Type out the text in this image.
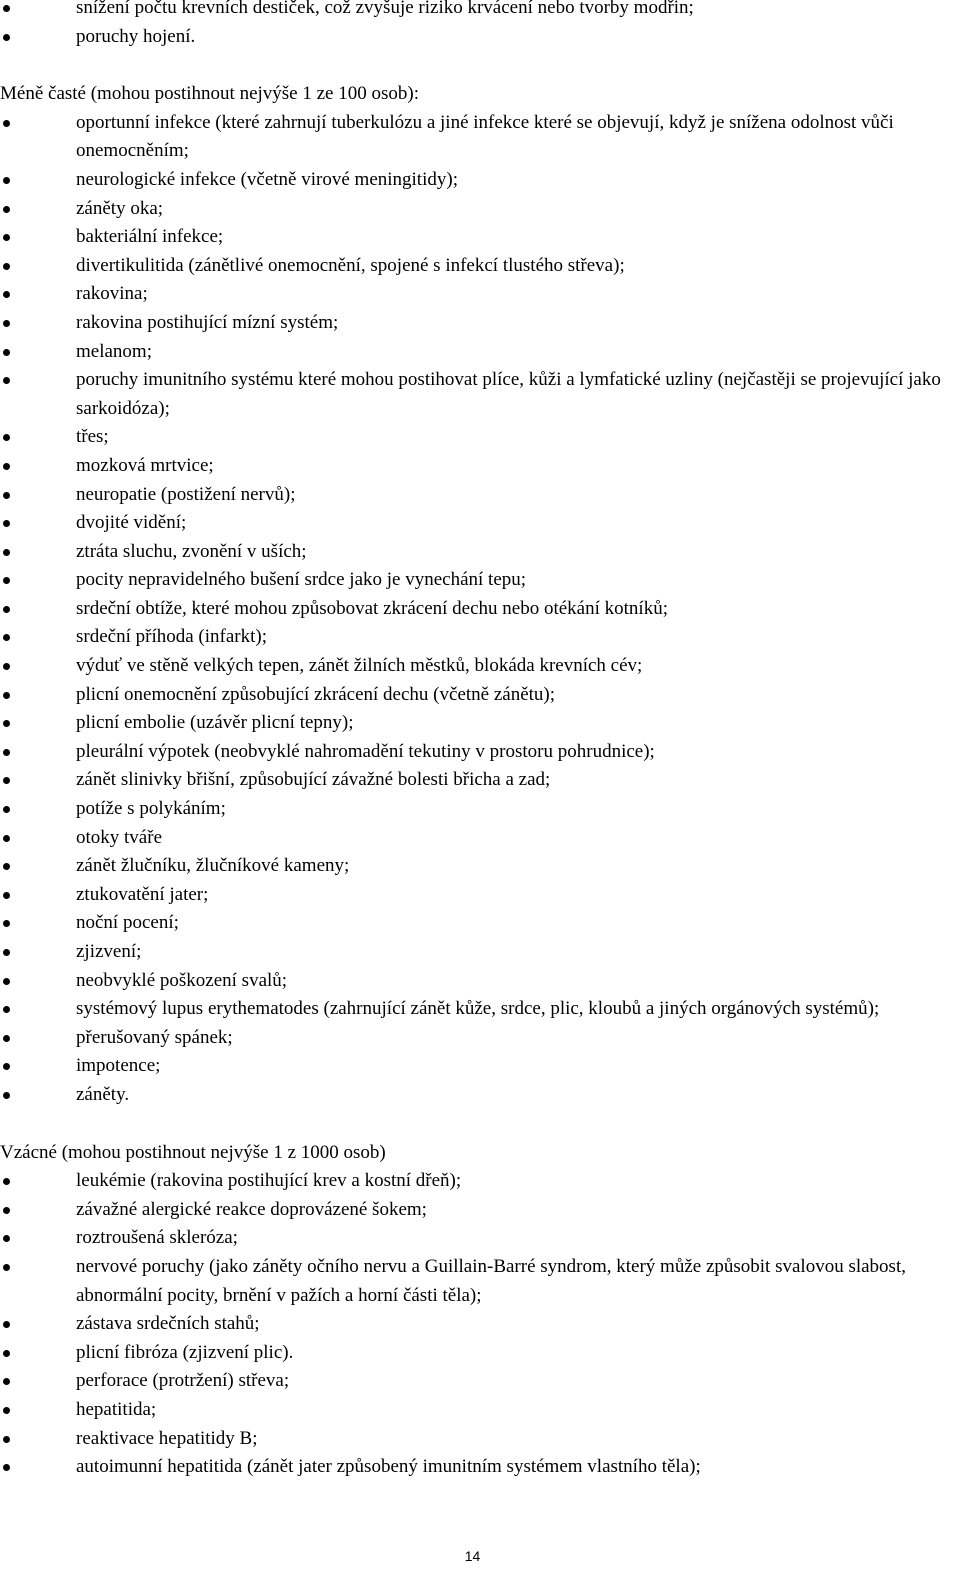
snížení počtu krevních destiček, což zvyšuje riziko krvácení nebo tvorby modřin;
poruchy hojení.
Méně časté (mohou postihnout nejvýše 1 ze 100 osob):
oportunní infekce (které zahrnují tuberkulózu a jiné infekce které se objevují, když je snížena odolnost vůči onemocněním;
neurologické infekce (včetně virové meningitidy);
záněty oka;
bakteriální infekce;
divertikulitida (zánětlivé onemocnění, spojené s infekcí tlustého střeva);
rakovina;
rakovina postihující mízní systém;
melanom;
poruchy imunitního systému které mohou postihovat plíce, kůži a lymfatické uzliny (nejčastěji se projevující jako sarkoidóza);
třes;
mozková mrtvice;
neuropatie (postižení nervů);
dvojité vidění;
ztráta sluchu, zvonění v uších;
pocity nepravidelného bušení srdce jako je vynechání tepu;
srdeční obtíže, které mohou způsobovat zkrácení dechu nebo otékání kotníků;
srdeční příhoda (infarkt);
výduť ve stěně velkých tepen, zánět žilních městků, blokáda krevních cév;
plicní onemocnění způsobující zkrácení dechu (včetně zánětu);
plicní embolie (uzávěr plicní tepny);
pleurální výpotek (neobvyklé nahromadění tekutiny v prostoru pohrudnice);
zánět slinivky břišní, způsobující závažné bolesti břicha a zad;
potíže s polykáním;
otoky tváře
zánět žlučníku, žlučníkové kameny;
ztukovatění jater;
noční pocení;
zjizvení;
neobvyklé poškození svalů;
systémový lupus erythematodes (zahrnující zánět kůže, srdce, plic, kloubů a jiných orgánových systémů);
přerušovaný spánek;
impotence;
záněty.
Vzácné (mohou postihnout nejvýše 1 z 1000 osob)
leukémie (rakovina postihující krev a kostní dřeň);
závažné alergické reakce doprovázené šokem;
roztroušená skleróza;
nervové poruchy (jako záněty očního nervu a Guillain-Barré syndrom, který může způsobit svalovou slabost, abnormální pocity, brnění v pažích a horní části těla);
zástava srdečních stahů;
plicní fibróza (zjizvení plic).
perforace (protržení) střeva;
hepatitida;
reaktivace hepatitidy B;
autoimunní hepatitida (zánět jater způsobený imunitním systémem vlastního těla);
14
